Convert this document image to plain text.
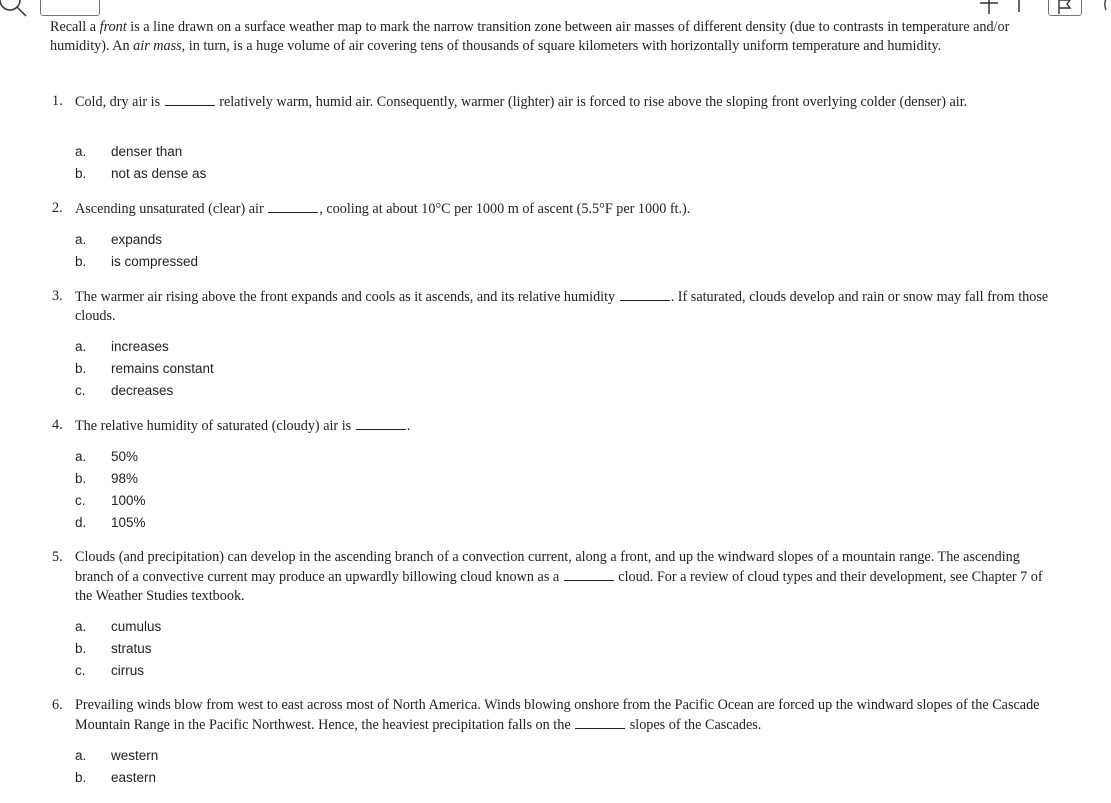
Recall a front is a line drawn on a surface weather map to mark the narrow transition zone between air masses of different density (due to contrasts in temperature and/or humidity). An air mass, in turn, is a huge volume of air covering tens of thousands of square kilometers with horizontally uniform temperature and humidity.

1. Cold, dry air is	relatively warm, humid air. Consequently, warmer (lighter) air is forced to rise above the sloping front overlying colder (denser) air.
a.	denser than
b.	not as dense as
2. Ascending unsaturated (clear) air	, cooling at about 10°C per 1000 m of ascent (5.5°F per 1000 ft.).
a.	expands
b.	is compressed
3. The warmer air rising above the front expands and cools as it ascends, and its relative humidity	. If saturated, clouds develop and rain or snow may fall from those clouds.
a.	increases
b.	remains constant
c.	decreases
4. The relative humidity of saturated (cloudy) air is	.
a.	50%
b.	98%
c.	100%
d.	105%
5. Clouds (and precipitation) can develop in the ascending branch of a convection current, along a front, and up the windward slopes of a mountain range. The ascending branch of a convective current may produce an upwardly billowing cloud known as a	cloud. For a review of cloud types and their development, see Chapter 7 of the Weather Studies textbook.
a.	cumulus
b.	stratus
c.	cirrus
6. Prevailing winds blow from west to east across most of North America. Winds blowing onshore from the Pacific Ocean are forced up the windward slopes of the Cascade Mountain Range in the Pacific Northwest. Hence, the heaviest precipitation falls on the	slopes of the Cascades.
a.	western
b.	eastern
